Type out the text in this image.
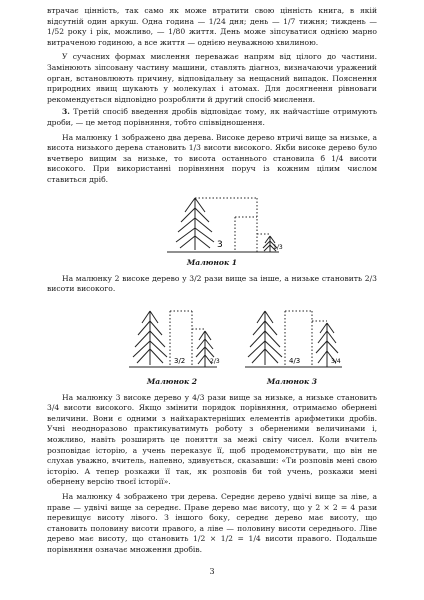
втрачає цінність, так само як може втратити свою цінність книга, в якій відсутній один аркуш. Одна година — 1/24 дня; день — 1/7 тижня; тиждень — 1/52 року і рік, можливо, — 1/80 життя. День може зіпсуватися однією марно витраченою годиною, а все життя — однією неуважною хвилиною.

У сучасних формах мислення переважає напрям від цілого до частини. Замінюють зіпсовану частину машини, ставлять діагноз, визначаючи уражений орган, встановлюють причину, відповідальну за нещасний випадок. Пояснення природних явищ шукають у молекулах і атомах. Для досягнення рівноваги рекомендується відповідно розробляти й другий спосіб мислення.

3. Третій спосіб введення дробів відповідає тому, як найчастіше отримують дроби, — це метод порівняння, тобто співвідношення.

На малюнку 1 зображено два дерева. Високе дерево втричі вище за низьке, а висота низького дерева становить 1/3 висоти високого. Якби високе дерево було вчетверо вищим за низьке, то висота останнього становила б 1/4 висоти високого. При використанні порівняння поруч із кожним цілим числом ставиться дріб.

3	1/3
Малюнок 1

На малюнку 2 високе дерево у 3/2 рази вище за інше, а низьке становить 2/3 висоти високого.

3/2	2/3	4/3	3/4
Малюнок 2	Малюнок 3

На малюнку 3 високе дерево у 4/3 рази вище за низьке, а низьке становить 3/4 висоти високого. Якщо змінити порядок порівняння, отримаємо обернені величини. Вони є одними з найхарактерніших елементів арифметики дробів. Учні неодноразово практикуватимуть роботу з оберненими величинами і, можливо, навіть розширять це поняття за межі світу чисел. Коли вчитель розповідає історію, а учень переказує її, щоб продемонструвати, що він не слухав уважно, вчитель, напевно, здивується, сказавши: «Ти розповів мені свою історію. А тепер розкажи її так, як розповів би той учень, розкажи мені обернену версію твоєї історії».

На малюнку 4 зображено три дерева. Середнє дерево удвічі вище за ліве, а праве — удвічі вище за середнє. Праве дерево має висоту, що у 2 × 2 = 4 рази перевищує висоту лівого. З іншого боку, середнє дерево має висоту, що становить половину висоти правого, а ліве — половину висоти середнього. Ліве дерево має висоту, що становить 1/2 × 1/2 = 1/4 висоти правого. Подальше порівняння означає множення дробів.

3
